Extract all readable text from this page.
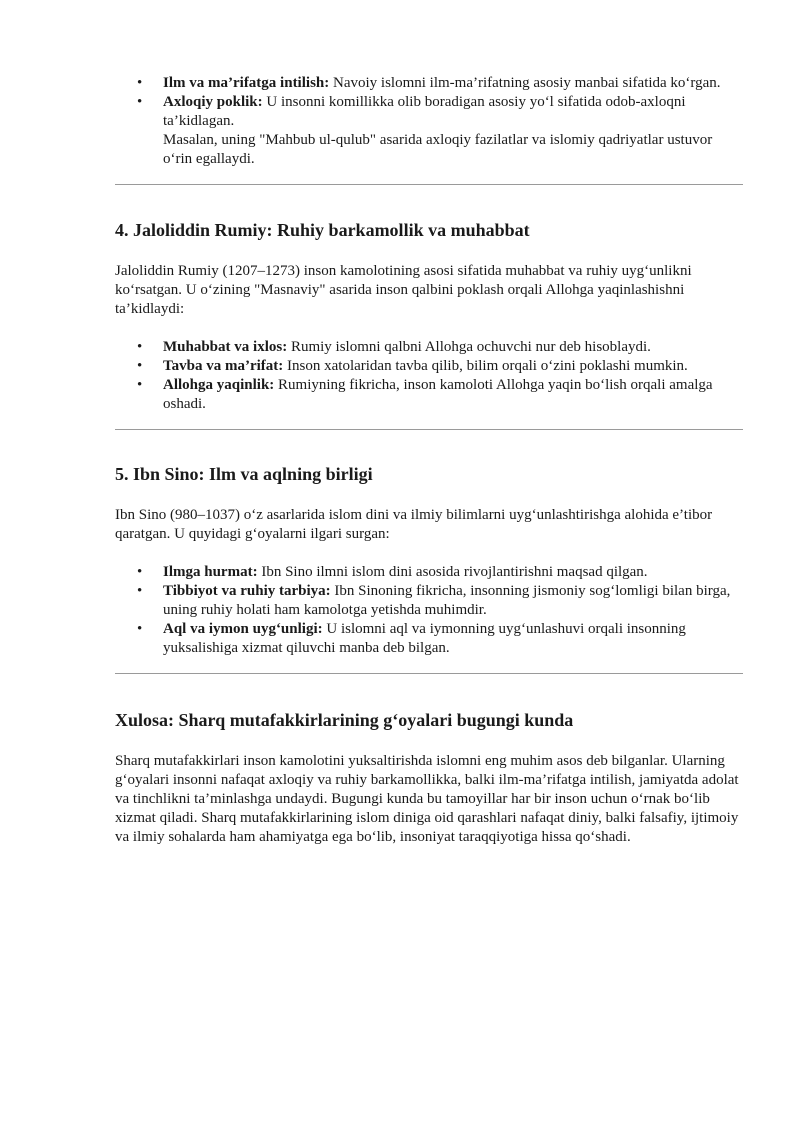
• Ilm va ma’rifatga intilish: Navoiy islomni ilm-ma’rifatning asosiy manbai sifatida ko‘rgan.
• Axloqiy poklik: U insonni komillikka olib boradigan asosiy yo‘l sifatida odob-axloqni ta’kidlagan.
Masalan, uning "Mahbub ul-qulub" asarida axloqiy fazilatlar va islomiy qadriyatlar ustuvor o‘rin egallaydi.
4. Jaloliddin Rumiy: Ruhiy barkamollik va muhabbat

Jaloliddin Rumiy (1207–1273) inson kamolotining asosi sifatida muhabbat va ruhiy uyg‘unlikni ko‘rsatgan. U o‘zining "Masnaviy" asarida inson qalbini poklash orqali Allohga yaqinlashishni ta’kidlaydi:

• Muhabbat va ixlos: Rumiy islomni qalbni Allohga ochuvchi nur deb hisoblaydi.
• Tavba va ma’rifat: Inson xatolaridan tavba qilib, bilim orqali o‘zini poklashi mumkin.
• Allohga yaqinlik: Rumiyning fikricha, inson kamoloti Allohga yaqin bo‘lish orqali amalga oshadi.
5. Ibn Sino: Ilm va aqlning birligi

Ibn Sino (980–1037) o‘z asarlarida islom dini va ilmiy bilimlarni uyg‘unlashtirishga alohida e’tibor qaratgan. U quyidagi g‘oyalarni ilgari surgan:

• Ilmga hurmat: Ibn Sino ilmni islom dini asosida rivojlantirishni maqsad qilgan.
• Tibbiyot va ruhiy tarbiya: Ibn Sinoning fikricha, insonning jismoniy sog‘lomligi bilan birga, uning ruhiy holati ham kamolotga yetishda muhimdir.
• Aql va iymon uyg‘unligi: U islomni aql va iymonning uyg‘unlashuvi orqali insonning yuksalishiga xizmat qiluvchi manba deb bilgan.
Xulosa: Sharq mutafakkirlarining g‘oyalari bugungi kunda

Sharq mutafakkirlari inson kamolotini yuksaltirishda islomni eng muhim asos deb bilganlar. Ularning g‘oyalari insonni nafaqat axloqiy va ruhiy barkamollikka, balki ilm-ma’rifatga intilish, jamiyatda adolat va tinchlikni ta’minlashga undaydi. Bugungi kunda bu tamoyillar har bir inson uchun o‘rnak bo‘lib xizmat qiladi. Sharq mutafakkirlarining islom diniga oid qarashlari nafaqat diniy, balki falsafiy, ijtimoiy va ilmiy sohalarda ham ahamiyatga ega bo‘lib, insoniyat taraqqiyotiga hissa qo‘shadi.
